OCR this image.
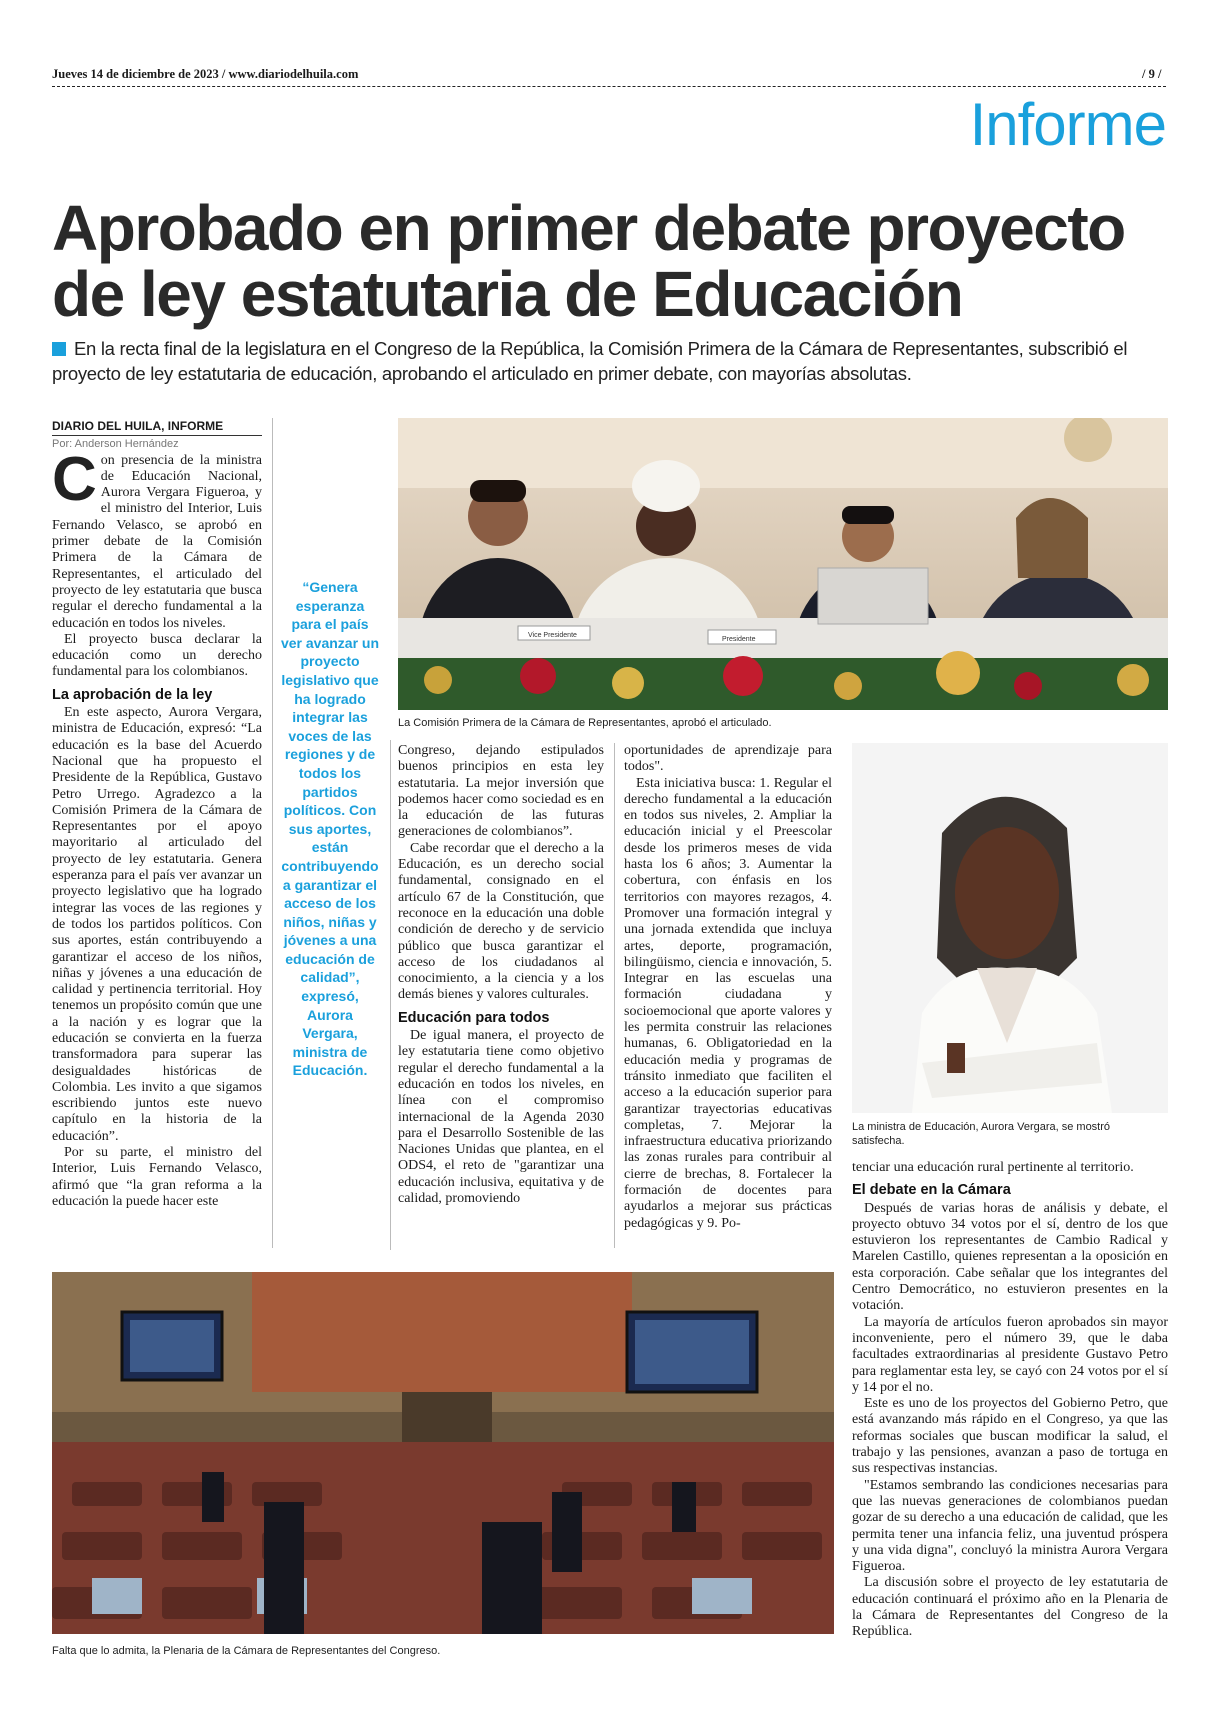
Jueves 14 de diciembre de 2023 / www.diariodelhuila.com	/ 9 /
Informe
Aprobado en primer debate proyecto
de ley estatutaria de Educación
En la recta final de la legislatura en el Congreso de la República, la Comisión Primera de la Cámara de Representantes, subscribió el proyecto de ley estatutaria de educación, aprobando el articulado en primer debate, con mayorías absolutas.
DIARIO DEL HUILA, INFORME
Por: Anderson Hernández
C on presencia de la ministra de Educación Nacional, Aurora Vergara Figueroa, y el ministro del Interior, Luis Fernando Velasco, se aprobó en primer debate de la Comisión Primera de la Cámara de Representantes, el articulado del proyecto de ley estatutaria que busca regular el derecho fundamental a la educación en todos los niveles.

El proyecto busca declarar la educación como un derecho fundamental para los colombianos.

La aprobación de la ley

En este aspecto, Aurora Vergara, ministra de Educación, expresó: “La educación es la base del Acuerdo Nacional que ha propuesto el Presidente de la República, Gustavo Petro Urrego. Agradezco a la Comisión Primera de la Cámara de Representantes por el apoyo mayoritario al articulado del proyecto de ley estatutaria. Genera esperanza para el país ver avanzar un proyecto legislativo que ha logrado integrar las voces de las regiones y de todos los partidos políticos. Con sus aportes, están contribuyendo a garantizar el acceso de los niños, niñas y jóvenes a una educación de calidad y pertinencia territorial. Hoy tenemos un propósito común que une a la nación y es lograr que la educación se convierta en la fuerza transformadora para superar las desigualdades históricas de Colombia. Les invito a que sigamos escribiendo juntos este nuevo capítulo en la historia de la educación”.

Por su parte, el ministro del Interior, Luis Fernando Velasco, afirmó que “la gran reforma a la educación la puede hacer este

“Genera esperanza para el país ver avanzar un proyecto legislativo que ha logrado integrar las voces de las regiones y de todos los partidos políticos. Con sus aportes, están contribuyendo a garantizar el acceso de los niños, niñas y jóvenes a una educación de calidad”, expresó, Aurora Vergara, ministra de Educación.
Vice Presidente
Presidente
La Comisión Primera de la Cámara de Representantes, aprobó el articulado.

Congreso, dejando estipulados buenos principios en esta ley estatutaria. La mejor inversión que podemos hacer como sociedad es en la educación de las futuras generaciones de colombianos”.

Cabe recordar que el derecho a la Educación, es un derecho social fundamental, consignado en el artículo 67 de la Constitución, que reconoce en la educación una doble condición de derecho y de servicio público que busca garantizar el acceso de los ciudadanos al conocimiento, a la ciencia y a los demás bienes y valores culturales.

Educación para todos

De igual manera, el proyecto de ley estatutaria tiene como objetivo regular el derecho fundamental a la educación en todos los niveles, en línea con el compromiso internacional de la Agenda 2030 para el Desarrollo Sostenible de las Naciones Unidas que plantea, en el ODS4, el reto de "garantizar una educación inclusiva, equitativa y de calidad, promoviendo

oportunidades de aprendizaje para todos".

Esta iniciativa busca: 1. Regular el derecho fundamental a la educación en todos sus niveles, 2. Ampliar la educación inicial y el Preescolar desde los primeros meses de vida hasta los 6 años; 3. Aumentar la cobertura, con énfasis en los territorios con mayores rezagos, 4. Promover una formación integral y una jornada extendida que incluya artes, deporte, programación, bilingüismo, ciencia e innovación, 5. Integrar en las escuelas una formación ciudadana y socioemocional que aporte valores y les permita construir las relaciones humanas, 6. Obligatoriedad en la educación media y programas de tránsito inmediato que faciliten el acceso a la educación superior para garantizar trayectorias educativas completas, 7. Mejorar la infraestructura educativa priorizando las zonas rurales para contribuir al cierre de brechas, 8. Fortalecer la formación de docentes para ayudarlos a mejorar sus prácticas pedagógicas y 9. Po-

La ministra de Educación, Aurora Vergara, se mostró satisfecha.

tenciar una educación rural pertinente al territorio.

El debate en la Cámara

Después de varias horas de análisis y debate, el proyecto obtuvo 34 votos por el sí, dentro de los que estuvieron los representantes de Cambio Radical y Marelen Castillo, quienes representan a la oposición en esta corporación. Cabe señalar que los integrantes del Centro Democrático, no estuvieron presentes en la votación.

La mayoría de artículos fueron aprobados sin mayor inconveniente, pero el número 39, que le daba facultades extraordinarias al presidente Gustavo Petro para reglamentar esta ley, se cayó con 24 votos por el sí y 14 por el no.

Este es uno de los proyectos del Gobierno Petro, que está avanzando más rápido en el Congreso, ya que las reformas sociales que buscan modificar la salud, el trabajo y las pensiones, avanzan a paso de tortuga en sus respectivas instancias.

"Estamos sembrando las condiciones necesarias para que las nuevas generaciones de colombianos puedan gozar de su derecho a una educación de calidad, que les permita tener una infancia feliz, una juventud próspera y una vida digna", concluyó la ministra Aurora Vergara Figueroa.

La discusión sobre el proyecto de ley estatutaria de educación continuará el próximo año en la Plenaria de la Cámara de Representantes del Congreso de la República.

Falta que lo admita, la Plenaria de la Cámara de Representantes del Congreso.
